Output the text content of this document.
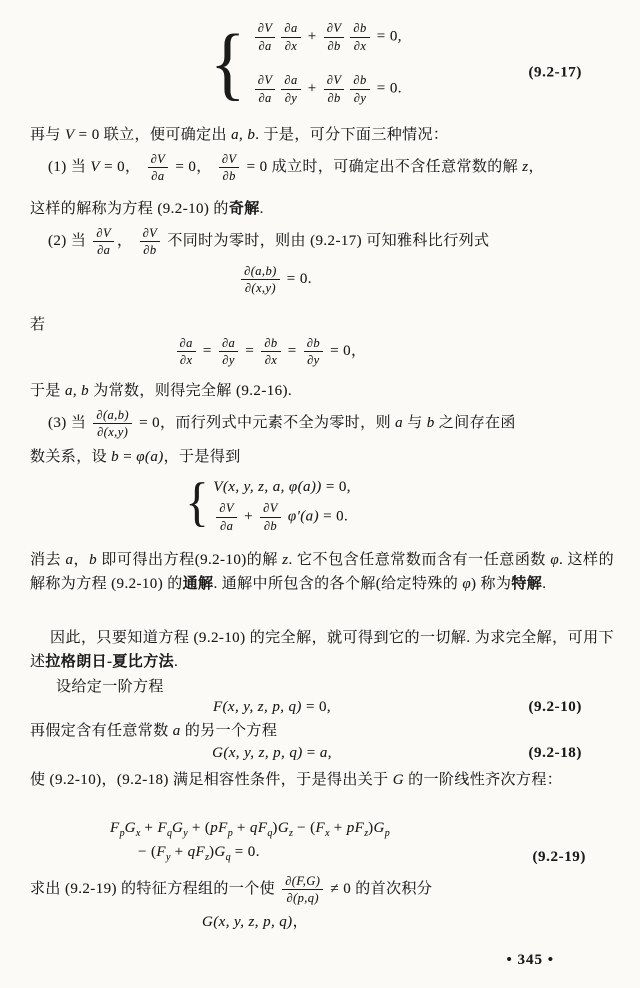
{ $\frac{\partial V}{\partial a} \frac{\partial a}{\partial x} + \frac{\partial V}{\partial b} \frac{\partial b}{\partial x} = 0$,
$\frac{\partial V}{\partial a} \frac{\partial a}{\partial y} + \frac{\partial V}{\partial b} \frac{\partial b}{\partial y} = 0$.
(9.2-17)
再与 V = 0 联立，便可确定出 a, b. 于是，可分下面三种情况：
(1) 当 V = 0， $\frac{\partial V}{\partial a} = 0$， $\frac{\partial V}{\partial b} = 0$ 成立时，可确定出不含任意常数的解 z，
这样的解称为方程 (9.2-10) 的奇解.
(2) 当 $\frac{\partial V}{\partial a}$ ， $\frac{\partial V}{\partial b}$ 不同时为零时，则由 (9.2-17) 可知雅科比行列式
$\frac{\partial(a,b)}{\partial(x,y)} = 0$.
若
$\frac{\partial a}{\partial x} = \frac{\partial a}{\partial y} = \frac{\partial b}{\partial x} = \frac{\partial b}{\partial y} = 0$，
于是 a, b 为常数，则得完全解 (9.2-16).
(3) 当 $\frac{\partial(a,b)}{\partial(x,y)} = 0$，而行列式中元素不全为零时，则 a 与 b 之间存在函
数关系，设 b = φ(a)，于是得到
{ V(x, y, z, a, φ(a)) = 0,
$\frac{\partial V}{\partial a} + \frac{\partial V}{\partial b} \varphi'(a) = 0$.
消去 a，b 即可得出方程(9.2-10)的解 z. 它不包含任意常数而含有一任意函数 φ. 这样的解称为方程 (9.2-10) 的通解. 通解中所包含的各个解(给定特殊的 φ) 称为特解.
因此，只要知道方程 (9.2-10) 的完全解，就可得到它的一切解. 为求完全解，可用下述拉格朗日-夏比方法.
设给定一阶方程
F(x, y, z, p, q) = 0,	(9.2-10)
再假定含有任意常数 a 的另一个方程
G(x, y, z, p, q) = a,	(9.2-18)
使 (9.2-10)，(9.2-18) 满足相容性条件，于是得出关于 G 的一阶线性齐次方程：
$F_pG_x + F_qG_y + (pF_p + qF_q)G_z - (F_x + pF_z)G_p$
− $(F_y + qF_z)G_q = 0$.	(9.2-19)
求出 (9.2-19) 的特征方程组的一个使 $\frac{\partial(F,G)}{\partial(p,q)} \ne 0$ 的首次积分
G(x, y, z, p, q)，
• 345 •
